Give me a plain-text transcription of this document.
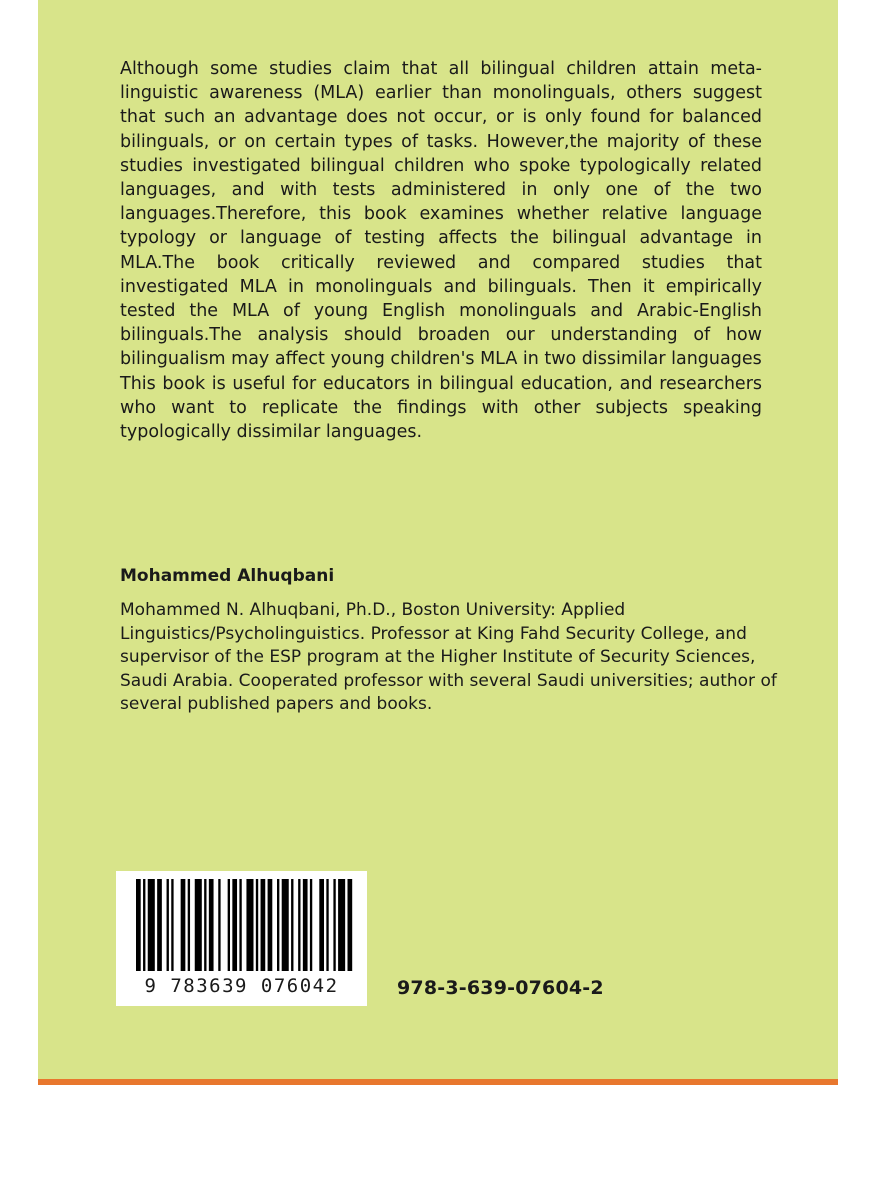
Although some studies claim that all bilingual children attain meta-linguistic awareness (MLA) earlier than monolinguals, others suggest that such an advantage does not occur, or is only found for balanced bilinguals, or on certain types of tasks. However,the majority of these studies investigated bilingual children who spoke typologically related languages, and with tests administered in only one of the two languages.Therefore, this book examines whether relative language typology or language of testing affects the bilingual advantage in MLA.The book critically reviewed and compared studies that investigated MLA in monolinguals and bilinguals. Then it empirically tested the MLA of young English monolinguals and Arabic-English bilinguals.The analysis should broaden our understanding of how bilingualism may affect young children's MLA in two dissimilar languages

This book is useful for educators in bilingual education, and researchers who want to replicate the findings with other subjects speaking typologically dissimilar languages.

Mohammed Alhuqbani
Mohammed N. Alhuqbani, Ph.D., Boston University: Applied Linguistics/Psycholinguistics. Professor at King Fahd Security College, and supervisor of the ESP program at the Higher Institute of Security Sciences, Saudi Arabia. Cooperated professor with several Saudi universities; author of several published papers and books.
9 783639 076042	978-3-639-07604-2
